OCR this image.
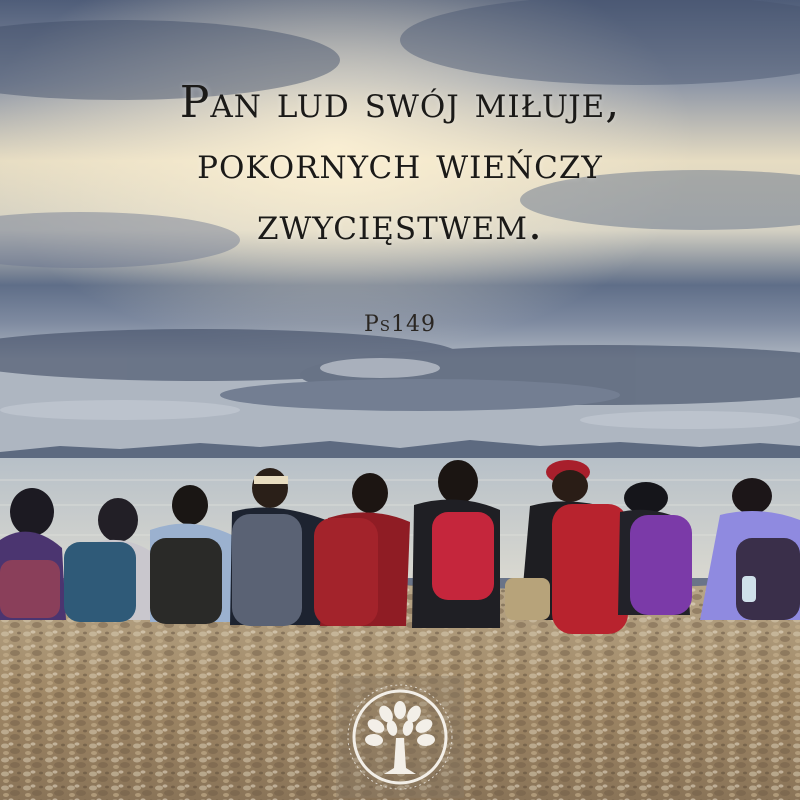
Pan lud swój miłuje,
pokornych wieńczy
zwycięstwem.
Ps149
